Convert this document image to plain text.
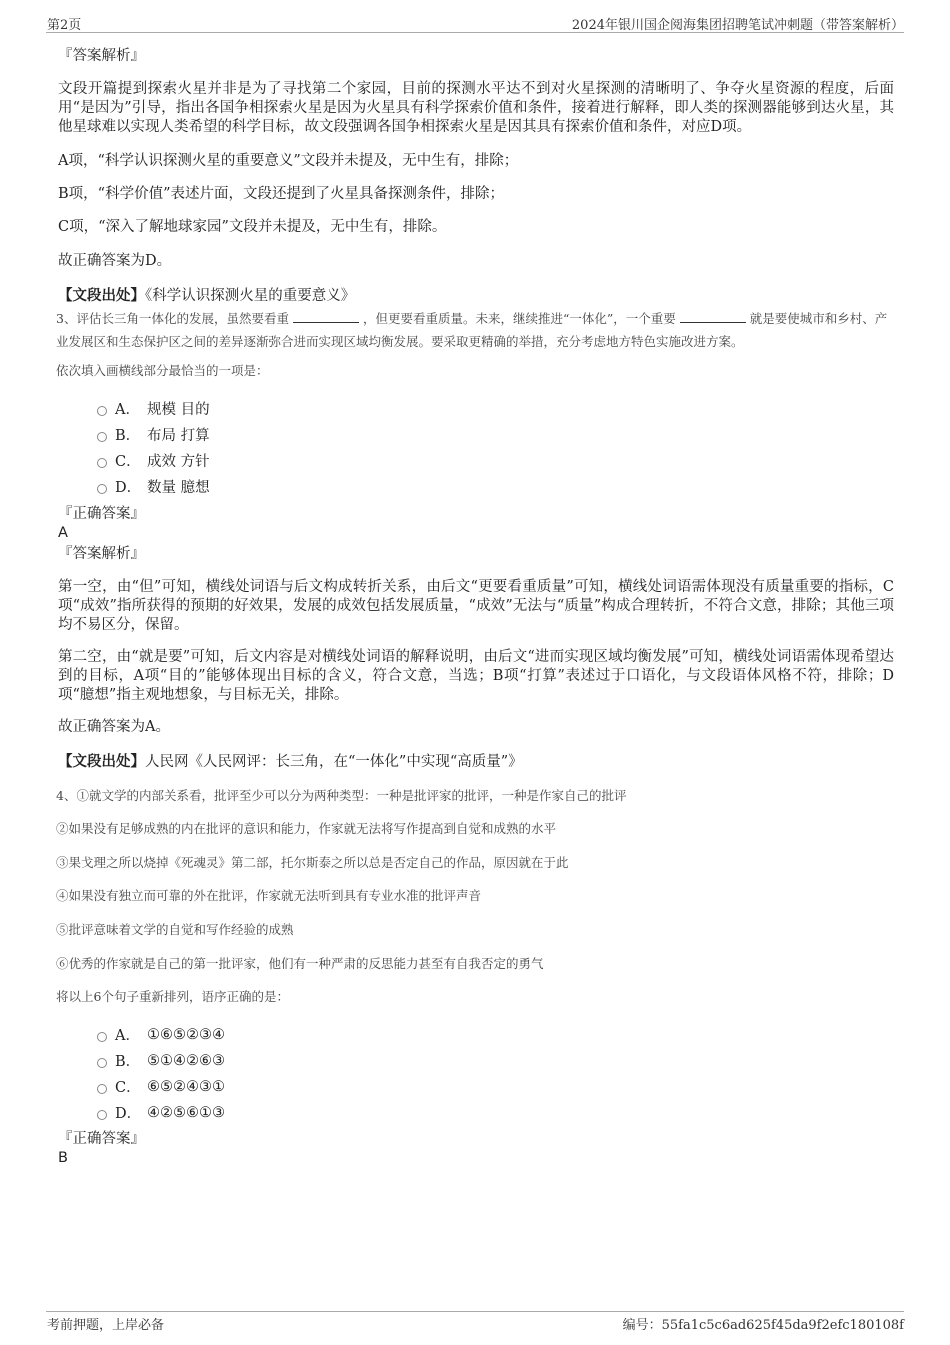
第2页	2024年银川国企阅海集团招聘笔试冲刺题（带答案解析）
『答案解析』
文段开篇提到探索火星并非是为了寻找第二个家园，目前的探测水平达不到对火星探测的清晰明了、争夺火星资源的程度，后面用“是因为”引导，指出各国争相探索火星是因为火星具有科学探索价值和条件，接着进行解释，即人类的探测器能够到达火星，其他星球难以实现人类希望的科学目标，故文段强调各国争相探索火星是因其具有探索价值和条件，对应D项。
A项，“科学认识探测火星的重要意义”文段并未提及，无中生有，排除；
B项，“科学价值”表述片面，文段还提到了火星具备探测条件，排除；
C项，“深入了解地球家园”文段并未提及，无中生有，排除。
故正确答案为D。
【文段出处】《科学认识探测火星的重要意义》
3、评估长三角一体化的发展，虽然要看重	，但更要看重质量。未来，继续推进“一体化”，一个重要	就是要使城市和乡村、产业发展区和生态保护区之间的差异逐渐弥合进而实现区域均衡发展。要采取更精确的举措，充分考虑地方特色实施改进方案。
依次填入画横线部分最恰当的一项是：
A． 规模 目的
B． 布局 打算
C． 成效 方针
D． 数量 臆想
『正确答案』
A
『答案解析』
第一空，由“但”可知，横线处词语与后文构成转折关系，由后文“更要看重质量”可知，横线处词语需体现没有质量重要的指标，C项“成效”指所获得的预期的好效果，发展的成效包括发展质量，“成效”无法与“质量”构成合理转折，不符合文意，排除；其他三项均不易区分，保留。
第二空，由“就是要”可知，后文内容是对横线处词语的解释说明，由后文“进而实现区域均衡发展”可知，横线处词语需体现希望达到的目标，A项“目的”能够体现出目标的含义，符合文意，当选；B项“打算”表述过于口语化，与文段语体风格不符，排除；D项“臆想”指主观地想象，与目标无关，排除。
故正确答案为A。
【文段出处】人民网《人民网评：长三角，在“一体化”中实现“高质量”》
4、①就文学的内部关系看，批评至少可以分为两种类型：一种是批评家的批评，一种是作家自己的批评
②如果没有足够成熟的内在批评的意识和能力，作家就无法将写作提高到自觉和成熟的水平
③果戈理之所以烧掉《死魂灵》第二部，托尔斯泰之所以总是否定自己的作品，原因就在于此
④如果没有独立而可靠的外在批评，作家就无法听到具有专业水准的批评声音
⑤批评意味着文学的自觉和写作经验的成熟
⑥优秀的作家就是自己的第一批评家，他们有一种严肃的反思能力甚至有自我否定的勇气
将以上6个句子重新排列，语序正确的是：
A． ①⑥⑤②③④
B． ⑤①④②⑥③
C． ⑥⑤②④③①
D． ④②⑤⑥①③
『正确答案』
B
考前押题，上岸必备	编号：55fa1c5c6ad625f45da9f2efc180108f
